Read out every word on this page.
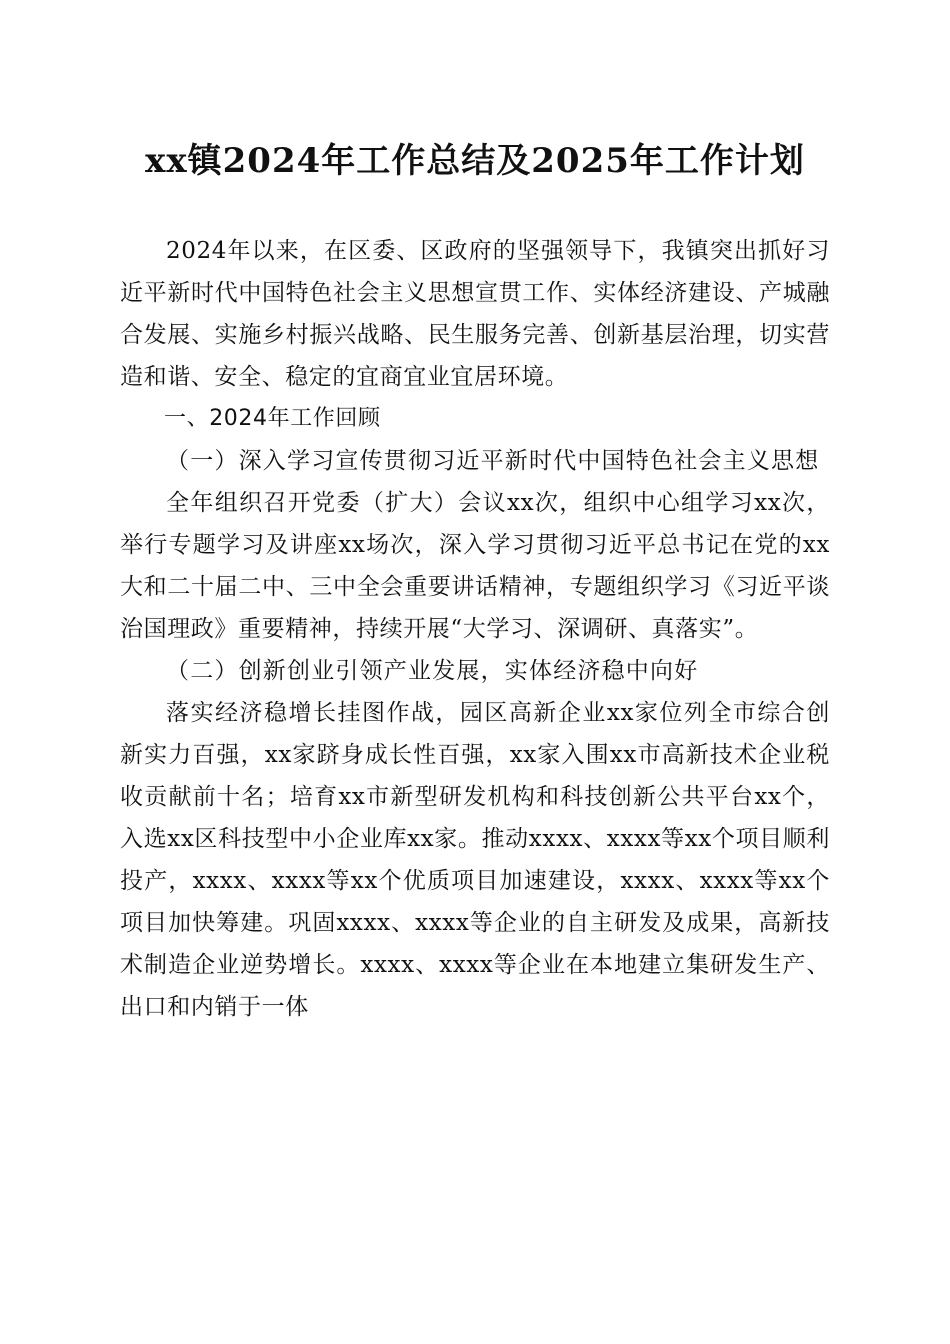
xx镇2024年工作总结及2025年工作计划

2024年以来，在区委、区政府的坚强领导下，我镇突出抓好习近平新时代中国特色社会主义思想宣贯工作、实体经济建设、产城融合发展、实施乡村振兴战略、民生服务完善、创新基层治理，切实营造和谐、安全、稳定的宜商宜业宜居环境。

一、2024年工作回顾

（一）深入学习宣传贯彻习近平新时代中国特色社会主义思想

全年组织召开党委（扩大）会议xx次，组织中心组学习xx次，举行专题学习及讲座xx场次，深入学习贯彻习近平总书记在党的xx大和二十届二中、三中全会重要讲话精神，专题组织学习《习近平谈治国理政》重要精神，持续开展“大学习、深调研、真落实”。

（二）创新创业引领产业发展，实体经济稳中向好

落实经济稳增长挂图作战，园区高新企业xx家位列全市综合创新实力百强，xx家跻身成长性百强，xx家入围xx市高新技术企业税收贡献前十名；培育xx市新型研发机构和科技创新公共平台xx个，入选xx区科技型中小企业库xx家。推动xxxx、xxxx等xx个项目顺利投产，xxxx、xxxx等xx个优质项目加速建设，xxxx、xxxx等xx个项目加快筹建。巩固xxxx、xxxx等企业的自主研发及成果，高新技术制造企业逆势增长。xxxx、xxxx等企业在本地建立集研发生产、出口和内销于一体
